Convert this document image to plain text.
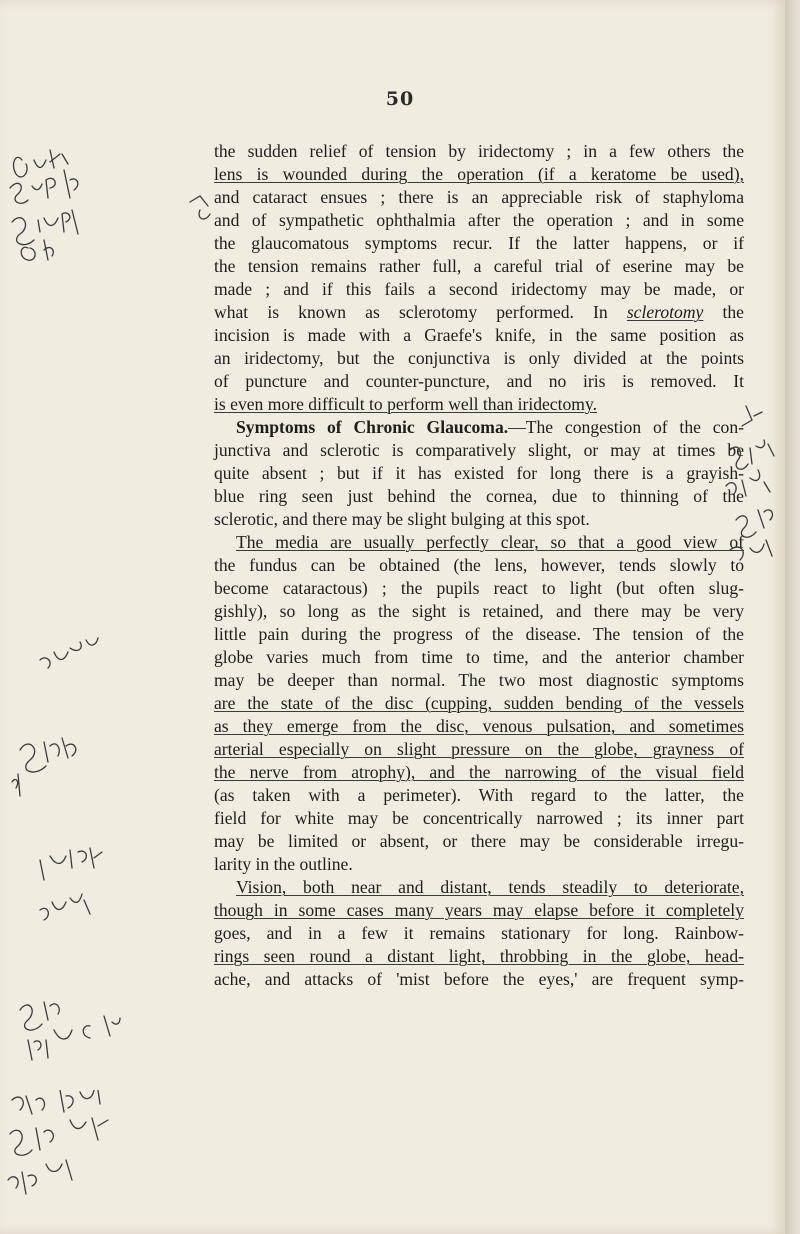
50
the sudden relief of tension by iridectomy ; in a few others the
lens is wounded during the operation (if a keratome be used),
and cataract ensues ; there is an appreciable risk of staphyloma
and of sympathetic ophthalmia after the operation ; and in some
the glaucomatous symptoms recur. If the latter happens, or if
the tension remains rather full, a careful trial of eserine may be
made ; and if this fails a second iridectomy may be made, or
what is known as sclerotomy performed. In sclerotomy the
incision is made with a Graefe's knife, in the same position as
an iridectomy, but the conjunctiva is only divided at the points
of puncture and counter-puncture, and no iris is removed. It
is even more difficult to perform well than iridectomy.
Symptoms of Chronic Glaucoma.—The congestion of the con-
junctiva and sclerotic is comparatively slight, or may at times be
quite absent ; but if it has existed for long there is a grayish-
blue ring seen just behind the cornea, due to thinning of the
sclerotic, and there may be slight bulging at this spot.
The media are usually perfectly clear, so that a good view of
the fundus can be obtained (the lens, however, tends slowly to
become cataractous) ; the pupils react to light (but often slug-
gishly), so long as the sight is retained, and there may be very
little pain during the progress of the disease. The tension of the
globe varies much from time to time, and the anterior chamber
may be deeper than normal. The two most diagnostic symptoms
are the state of the disc (cupping, sudden bending of the vessels
as they emerge from the disc, venous pulsation, and sometimes
arterial especially on slight pressure on the globe, grayness of
the nerve from atrophy), and the narrowing of the visual field
(as taken with a perimeter). With regard to the latter, the
field for white may be concentrically narrowed ; its inner part
may be limited or absent, or there may be considerable irregu-
larity in the outline.
Vision, both near and distant, tends steadily to deteriorate,
though in some cases many years may elapse before it completely
goes, and in a few it remains stationary for long. Rainbow-
rings seen round a distant light, throbbing in the globe, head-
ache, and attacks of 'mist before the eyes,' are frequent symp-
